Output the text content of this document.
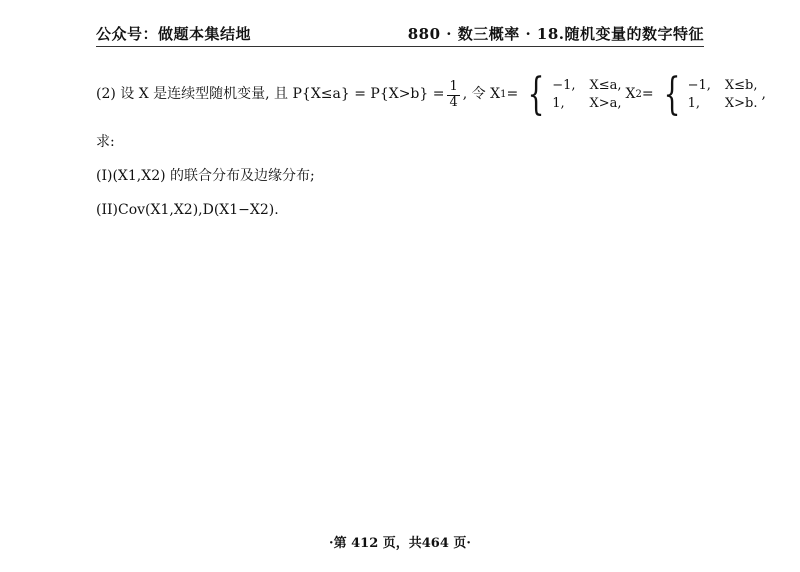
公众号：做题本集结地	880 · 数三概率 · 18.随机变量的数字特征
(2) 设 X 是连续型随机变量, 且 $P\{X\le a\} = P\{X>b\} = \frac{1}{4}$ , 令 X 1 = { −1, X≤a,
1,	X>a,
X 2 = { −1, X≤b,
1,	X>b.
,
求:
(I)(X1,X2) 的联合分布及边缘分布;
(II)Cov(X1,X2),D(X1−X2).
·第 412 页，共464 页·
